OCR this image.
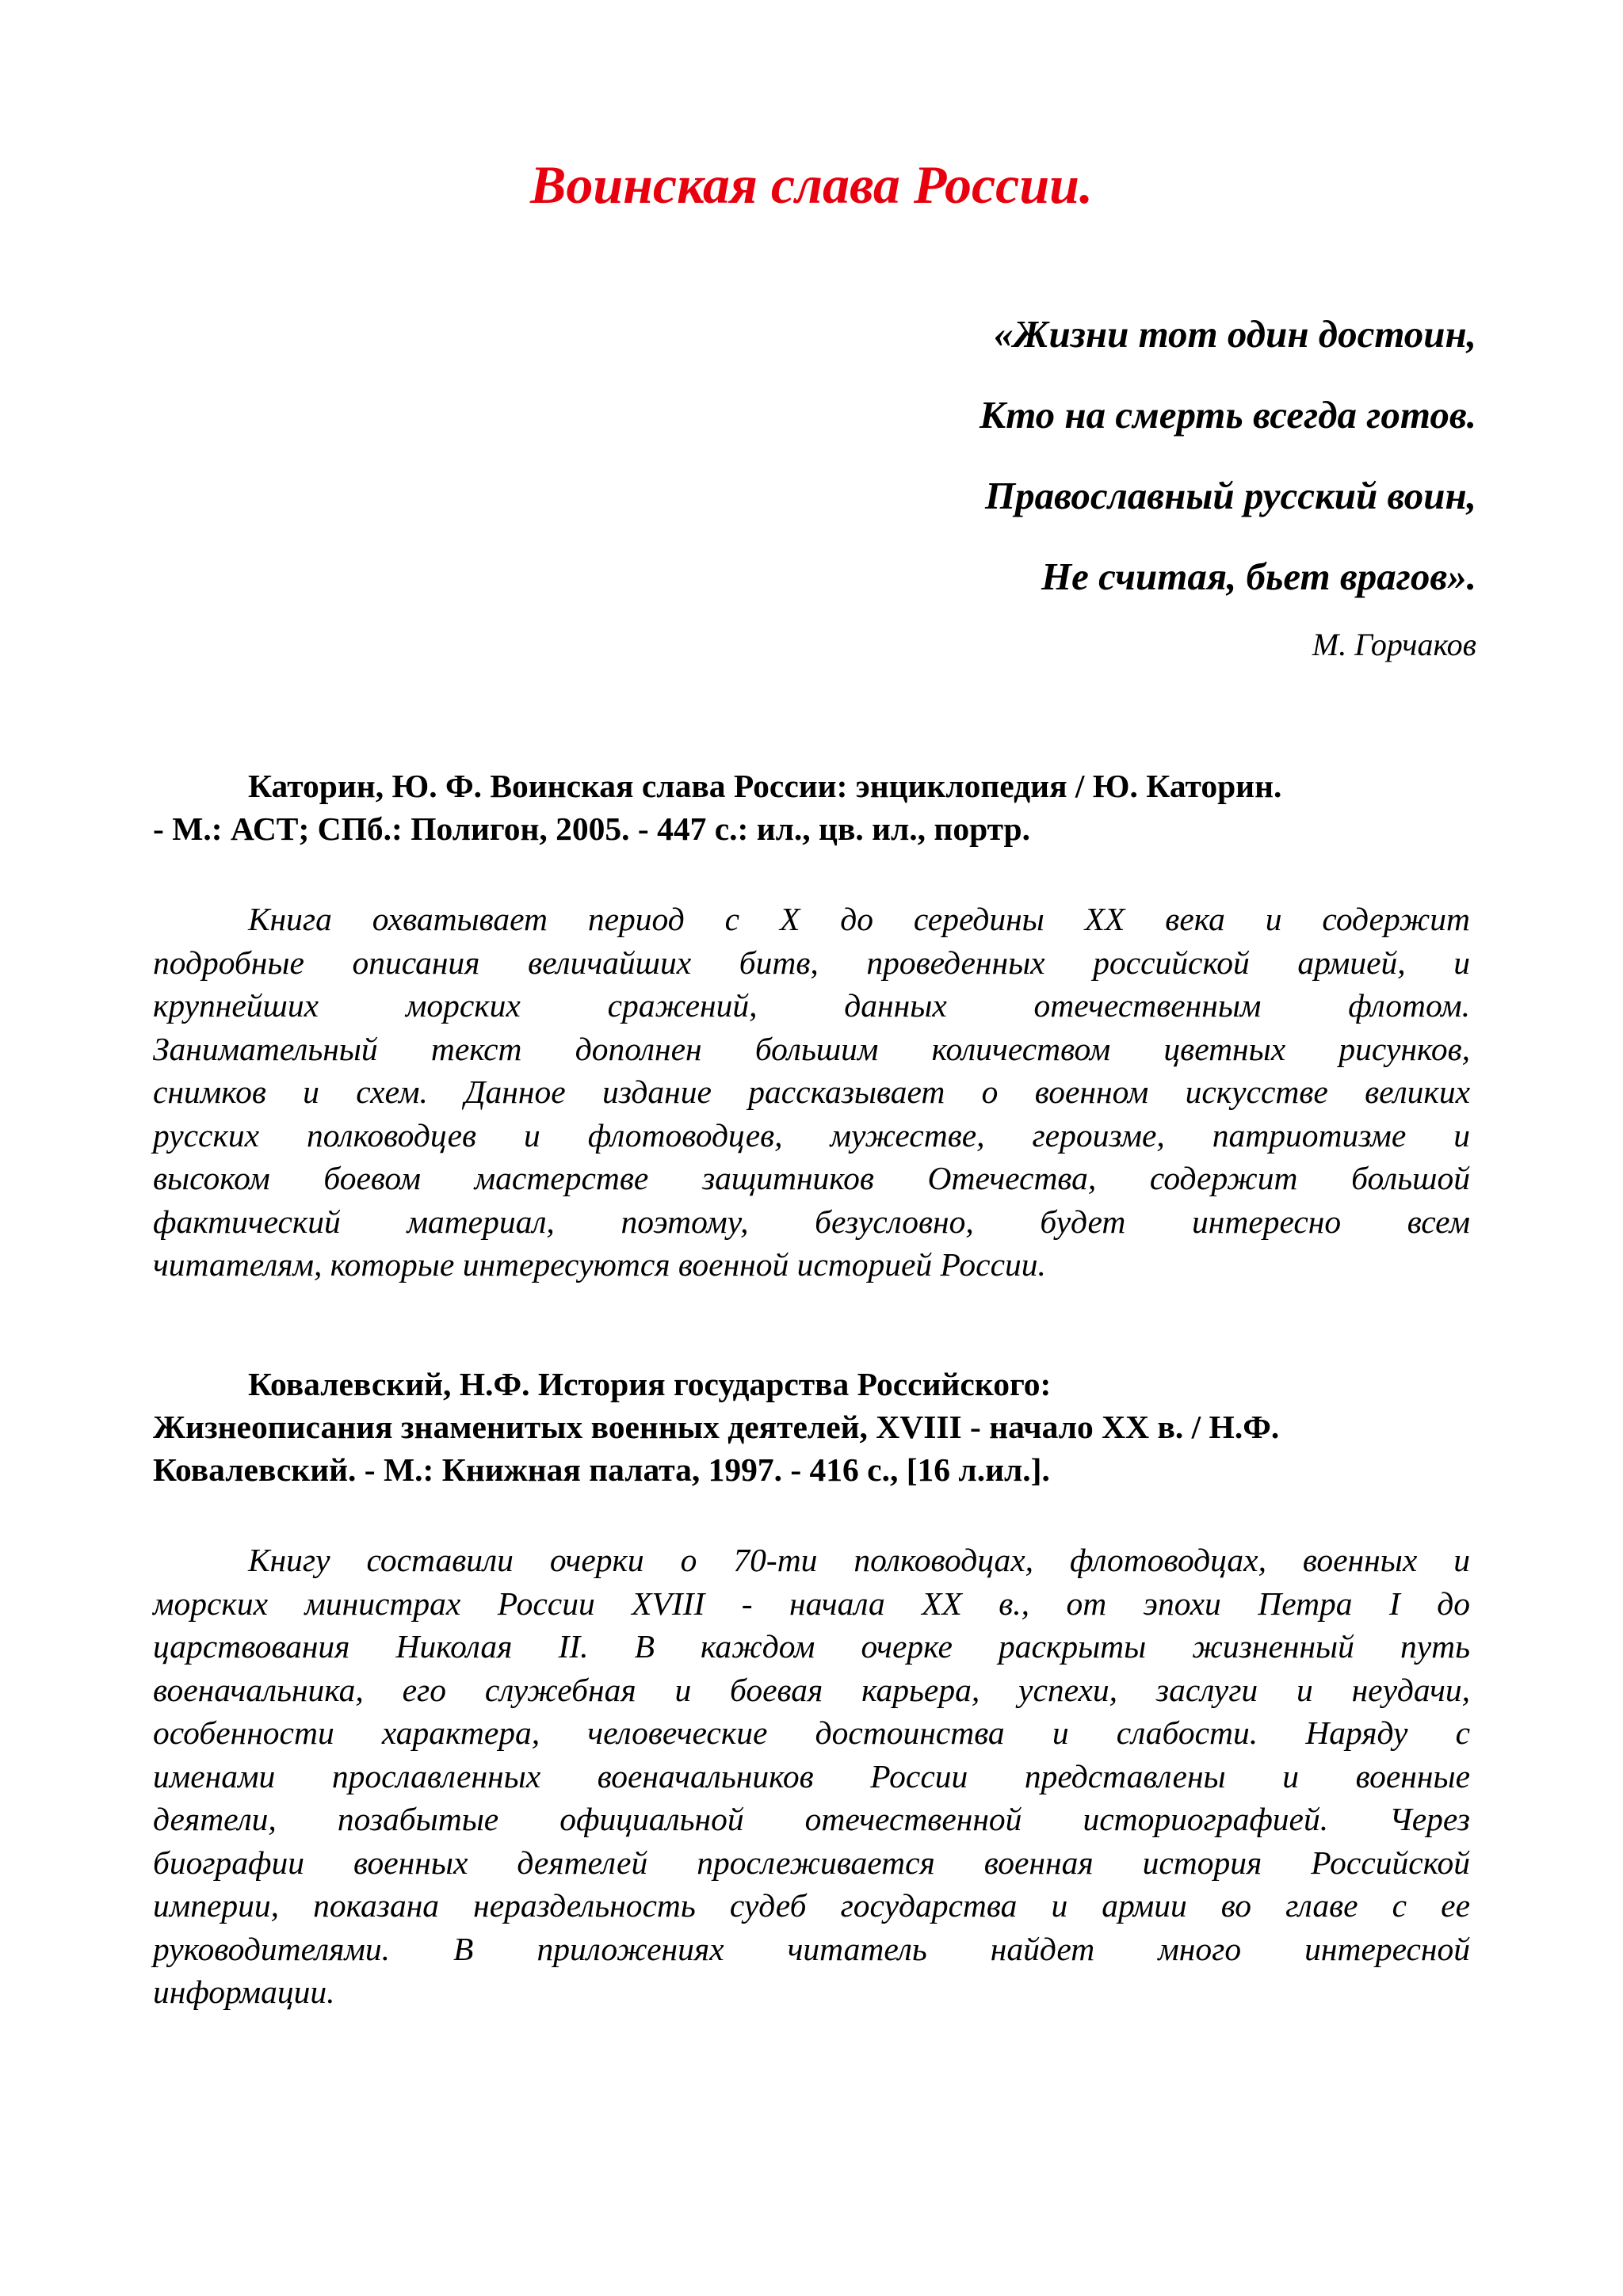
Воинская слава России.
«Жизни тот один достоин,
Кто на смерть всегда готов.
Православный русский воин,
Не считая, бьет врагов».
М. Горчаков
Каторин, Ю. Ф. Воинская слава России: энциклопедия / Ю. Каторин.
- М.: АСТ; СПб.: Полигон, 2005. - 447 с.: ил., цв. ил., портр.
Книга охватывает период с X до середины XX века и содержит
подробные описания величайших битв, проведенных российской армией, и
крупнейших морских сражений, данных отечественным флотом.
Занимательный текст дополнен большим количеством цветных рисунков,
снимков и схем. Данное издание рассказывает о военном искусстве великих
русских полководцев и флотоводцев, мужестве, героизме, патриотизме и
высоком боевом мастерстве защитников Отечества, содержит большой
фактический материал, поэтому, безусловно, будет интересно всем
читателям, которые интересуются военной историей России.
Ковалевский, Н.Ф. История государства Российского:
Жизнеописания знаменитых военных деятелей, XVIII - начало XX в. / Н.Ф.
Ковалевский. - М.: Книжная палата, 1997. - 416 с., [16 л.ил.].
Книгу составили очерки о 70-ти полководцах, флотоводцах, военных и
морских министрах России XVIII - начала XX в., от эпохи Петра I до
царствования Николая II. В каждом очерке раскрыты жизненный путь
военачальника, его служебная и боевая карьера, успехи, заслуги и неудачи,
особенности характера, человеческие достоинства и слабости. Наряду с
именами прославленных военачальников России представлены и военные
деятели, позабытые официальной отечественной историографией. Через
биографии военных деятелей прослеживается военная история Российской
империи, показана нераздельность судеб государства и армии во главе с ее
руководителями. В приложениях читатель найдет много интересной
информации.
